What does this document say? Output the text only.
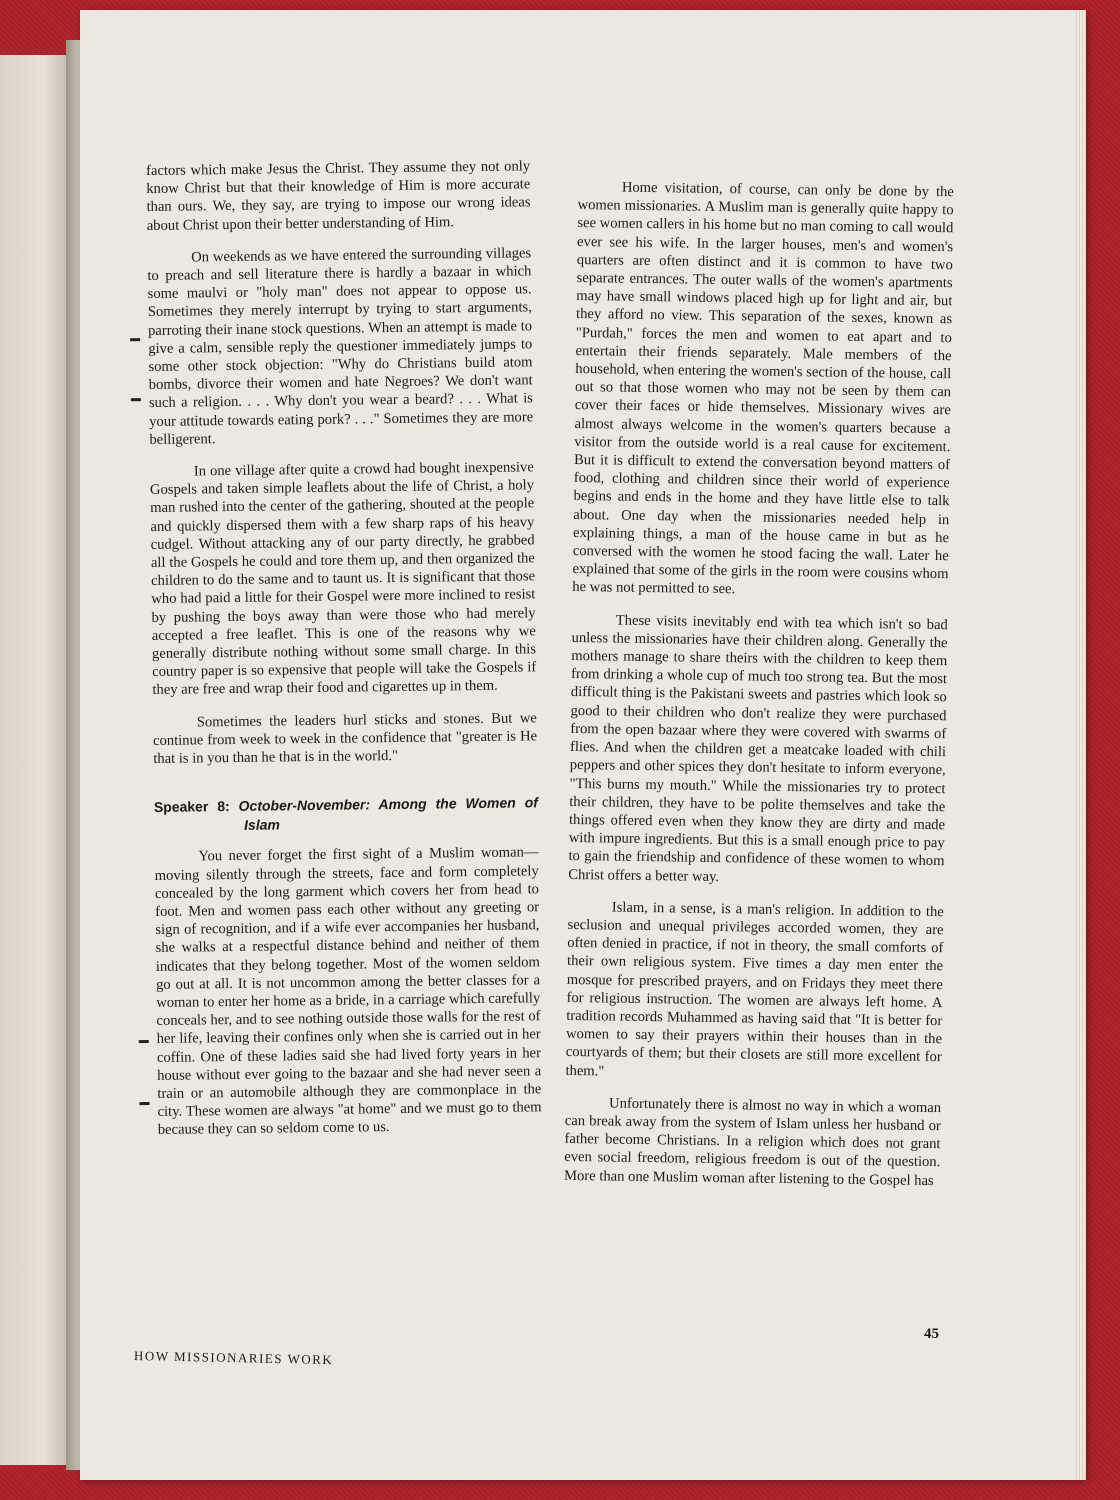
factors which make Jesus the Christ. They assume they not only know Christ but that their knowledge of Him is more accurate than ours. We, they say, are trying to impose our wrong ideas about Christ upon their better understanding of Him.

On weekends as we have entered the surrounding villages to preach and sell literature there is hardly a bazaar in which some maulvi or "holy man" does not appear to oppose us. Sometimes they merely interrupt by trying to start arguments, parroting their inane stock questions. When an attempt is made to give a calm, sensible reply the questioner immediately jumps to some other stock objection: "Why do Christians build atom bombs, divorce their women and hate Negroes? We don't want such a religion. . . . Why don't you wear a beard? . . . What is your attitude towards eating pork? . . ." Sometimes they are more belligerent.

In one village after quite a crowd had bought inexpensive Gospels and taken simple leaflets about the life of Christ, a holy man rushed into the center of the gathering, shouted at the people and quickly dispersed them with a few sharp raps of his heavy cudgel. Without attacking any of our party directly, he grabbed all the Gospels he could and tore them up, and then organized the children to do the same and to taunt us. It is significant that those who had paid a little for their Gospel were more inclined to resist by pushing the boys away than were those who had merely accepted a free leaflet. This is one of the reasons why we generally distribute nothing without some small charge. In this country paper is so expensive that people will take the Gospels if they are free and wrap their food and cigarettes up in them.

Sometimes the leaders hurl sticks and stones. But we continue from week to week in the confidence that "greater is He that is in you than he that is in the world."

Speaker 8: October-November: Among the Women of Islam

You never forget the first sight of a Muslim woman—moving silently through the streets, face and form completely concealed by the long garment which covers her from head to foot. Men and women pass each other without any greeting or sign of recognition, and if a wife ever accompanies her husband, she walks at a respectful distance behind and neither of them indicates that they belong together. Most of the women seldom go out at all. It is not uncommon among the better classes for a woman to enter her home as a bride, in a carriage which carefully conceals her, and to see nothing outside those walls for the rest of her life, leaving their confines only when she is carried out in her coffin. One of these ladies said she had lived forty years in her house without ever going to the bazaar and she had never seen a train or an automobile although they are commonplace in the city. These women are always "at home" and we must go to them because they can so seldom come to us.

Home visitation, of course, can only be done by the women missionaries. A Muslim man is generally quite happy to see women callers in his home but no man coming to call would ever see his wife. In the larger houses, men's and women's quarters are often distinct and it is common to have two separate entrances. The outer walls of the women's apartments may have small windows placed high up for light and air, but they afford no view. This separation of the sexes, known as "Purdah," forces the men and women to eat apart and to entertain their friends separately. Male members of the household, when entering the women's section of the house, call out so that those women who may not be seen by them can cover their faces or hide themselves. Missionary wives are almost always welcome in the women's quarters because a visitor from the outside world is a real cause for excitement. But it is difficult to extend the conversation beyond matters of food, clothing and children since their world of experience begins and ends in the home and they have little else to talk about. One day when the missionaries needed help in explaining things, a man of the house came in but as he conversed with the women he stood facing the wall. Later he explained that some of the girls in the room were cousins whom he was not permitted to see.

These visits inevitably end with tea which isn't so bad unless the missionaries have their children along. Generally the mothers manage to share theirs with the children to keep them from drinking a whole cup of much too strong tea. But the most difficult thing is the Pakistani sweets and pastries which look so good to their children who don't realize they were purchased from the open bazaar where they were covered with swarms of flies. And when the children get a meatcake loaded with chili peppers and other spices they don't hesitate to inform everyone, "This burns my mouth." While the missionaries try to protect their children, they have to be polite themselves and take the things offered even when they know they are dirty and made with impure ingredients. But this is a small enough price to pay to gain the friendship and confidence of these women to whom Christ offers a better way.

Islam, in a sense, is a man's religion. In addition to the seclusion and unequal privileges accorded women, they are often denied in practice, if not in theory, the small comforts of their own religious system. Five times a day men enter the mosque for prescribed prayers, and on Fridays they meet there for religious instruction. The women are always left home. A tradition records Muhammed as having said that "It is better for women to say their prayers within their houses than in the courtyards of them; but their closets are still more excellent for them."

Unfortunately there is almost no way in which a woman can break away from the system of Islam unless her husband or father become Christians. In a religion which does not grant even social freedom, religious freedom is out of the question. More than one Muslim woman after listening to the Gospel has

HOW MISSIONARIES WORK
45
